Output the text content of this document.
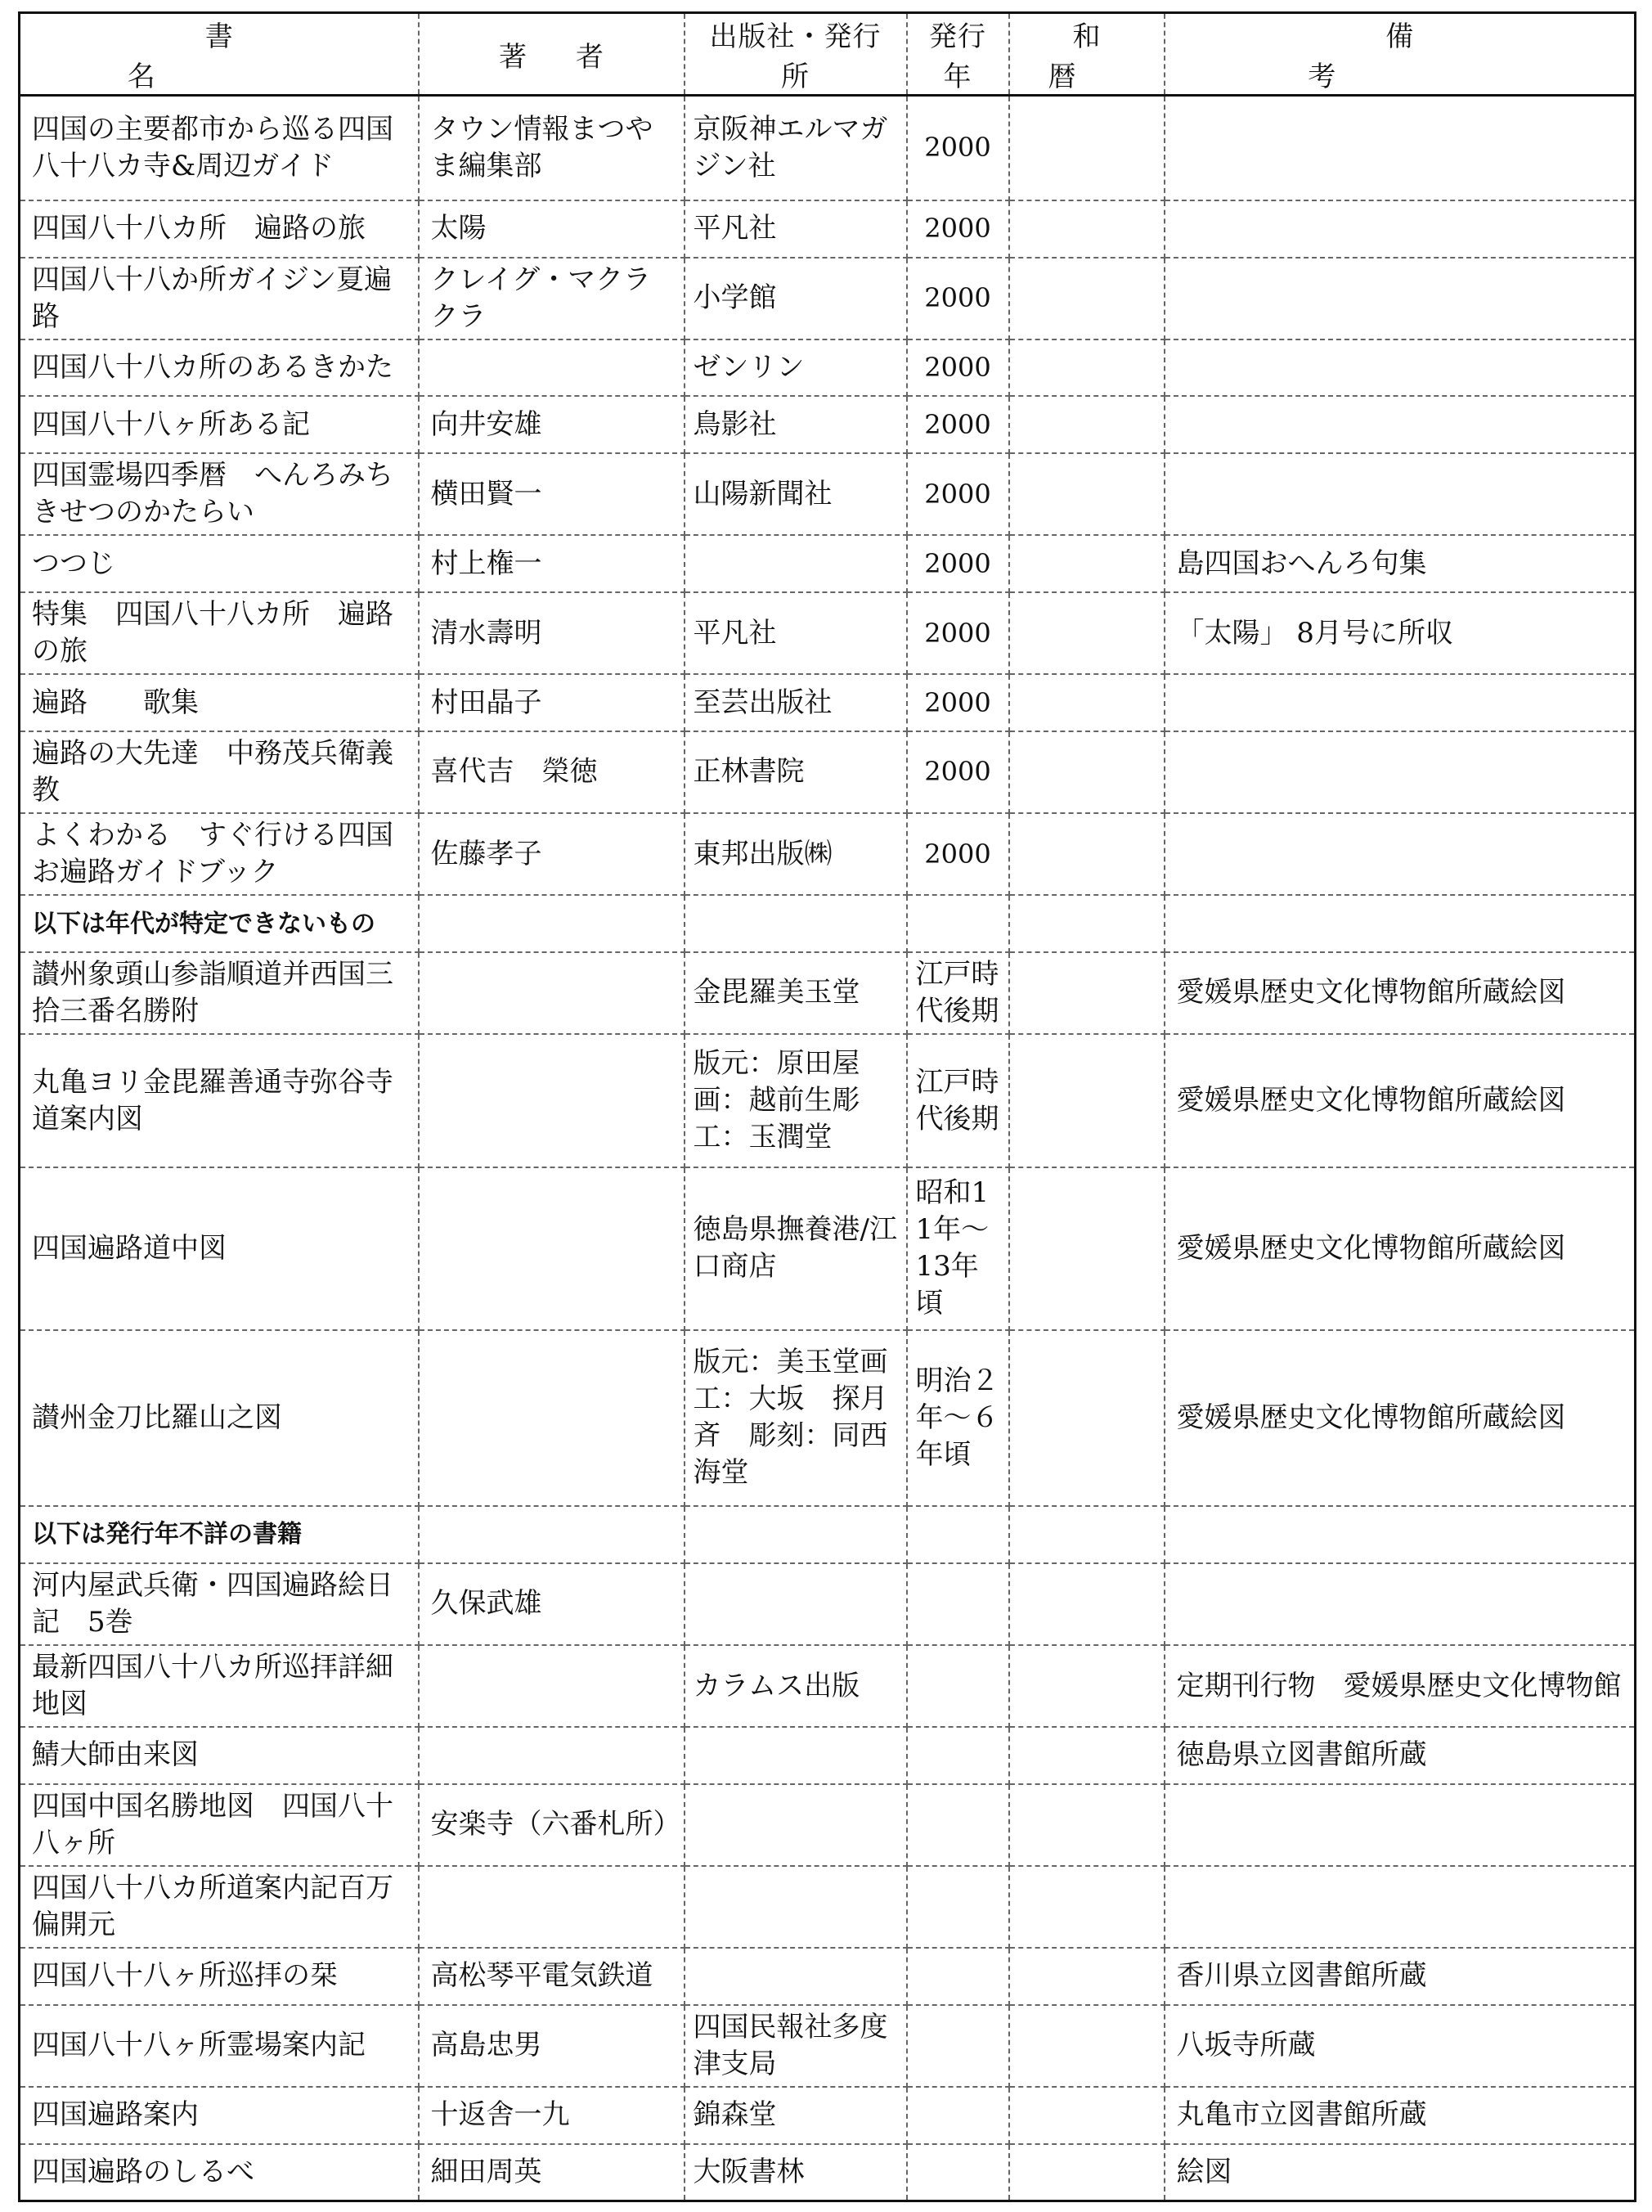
書名	著者	出版社・発行所	発行年	和暦	備考
四国の主要都市から巡る四国八十八カ寺&周辺ガイド	タウン情報まつやま編集部	京阪神エルマガジン社	2000		
四国八十八カ所　遍路の旅	太陽	平凡社	2000		
四国八十八か所ガイジン夏遍路	クレイグ・マクラクラ	小学館	2000		
四国八十八カ所のあるきかた		ゼンリン	2000		
四国八十八ヶ所ある記	向井安雄	鳥影社	2000		
四国霊場四季暦　へんろみち　きせつのかたらい	横田賢一	山陽新聞社	2000		
つつじ	村上権一		2000		島四国おへんろ句集
特集　四国八十八カ所　遍路の旅	清水壽明	平凡社	2000		「太陽」 8月号に所収
遍路　　歌集	村田晶子	至芸出版社	2000		
遍路の大先達　中務茂兵衛義教	喜代吉　榮徳	正林書院	2000		
よくわかる　すぐ行ける四国お遍路ガイドブック	佐藤孝子	東邦出版㈱	2000		
以下は年代が特定できないもの					
讃州象頭山参詣順道并西国三拾三番名勝附		金毘羅美玉堂	江戸時代後期		愛媛県歴史文化博物館所蔵絵図
丸亀ヨリ金毘羅善通寺弥谷寺道案内図		版元：原田屋画：越前生彫工：玉潤堂	江戸時代後期		愛媛県歴史文化博物館所蔵絵図
四国遍路道中図		徳島県撫養港/江口商店	昭和11年～13年頃		愛媛県歴史文化博物館所蔵絵図
讃州金刀比羅山之図		版元：美玉堂画工：大坂　探月斉　彫刻：同西海堂	明治２年～６年頃		愛媛県歴史文化博物館所蔵絵図
以下は発行年不詳の書籍					
河内屋武兵衛・四国遍路絵日記　5巻	久保武雄				
最新四国八十八カ所巡拝詳細地図		カラムス出版			定期刊行物　愛媛県歴史文化博物館
鯖大師由来図					徳島県立図書館所蔵
四国中国名勝地図　四国八十八ヶ所	安楽寺（六番札所）				
四国八十八カ所道案内記百万偏開元					
四国八十八ヶ所巡拝の栞	高松琴平電気鉄道				香川県立図書館所蔵
四国八十八ヶ所霊場案内記	高島忠男	四国民報社多度津支局			八坂寺所蔵
四国遍路案内	十返舎一九	錦森堂			丸亀市立図書館所蔵
四国遍路のしるべ	細田周英	大阪書林			絵図
